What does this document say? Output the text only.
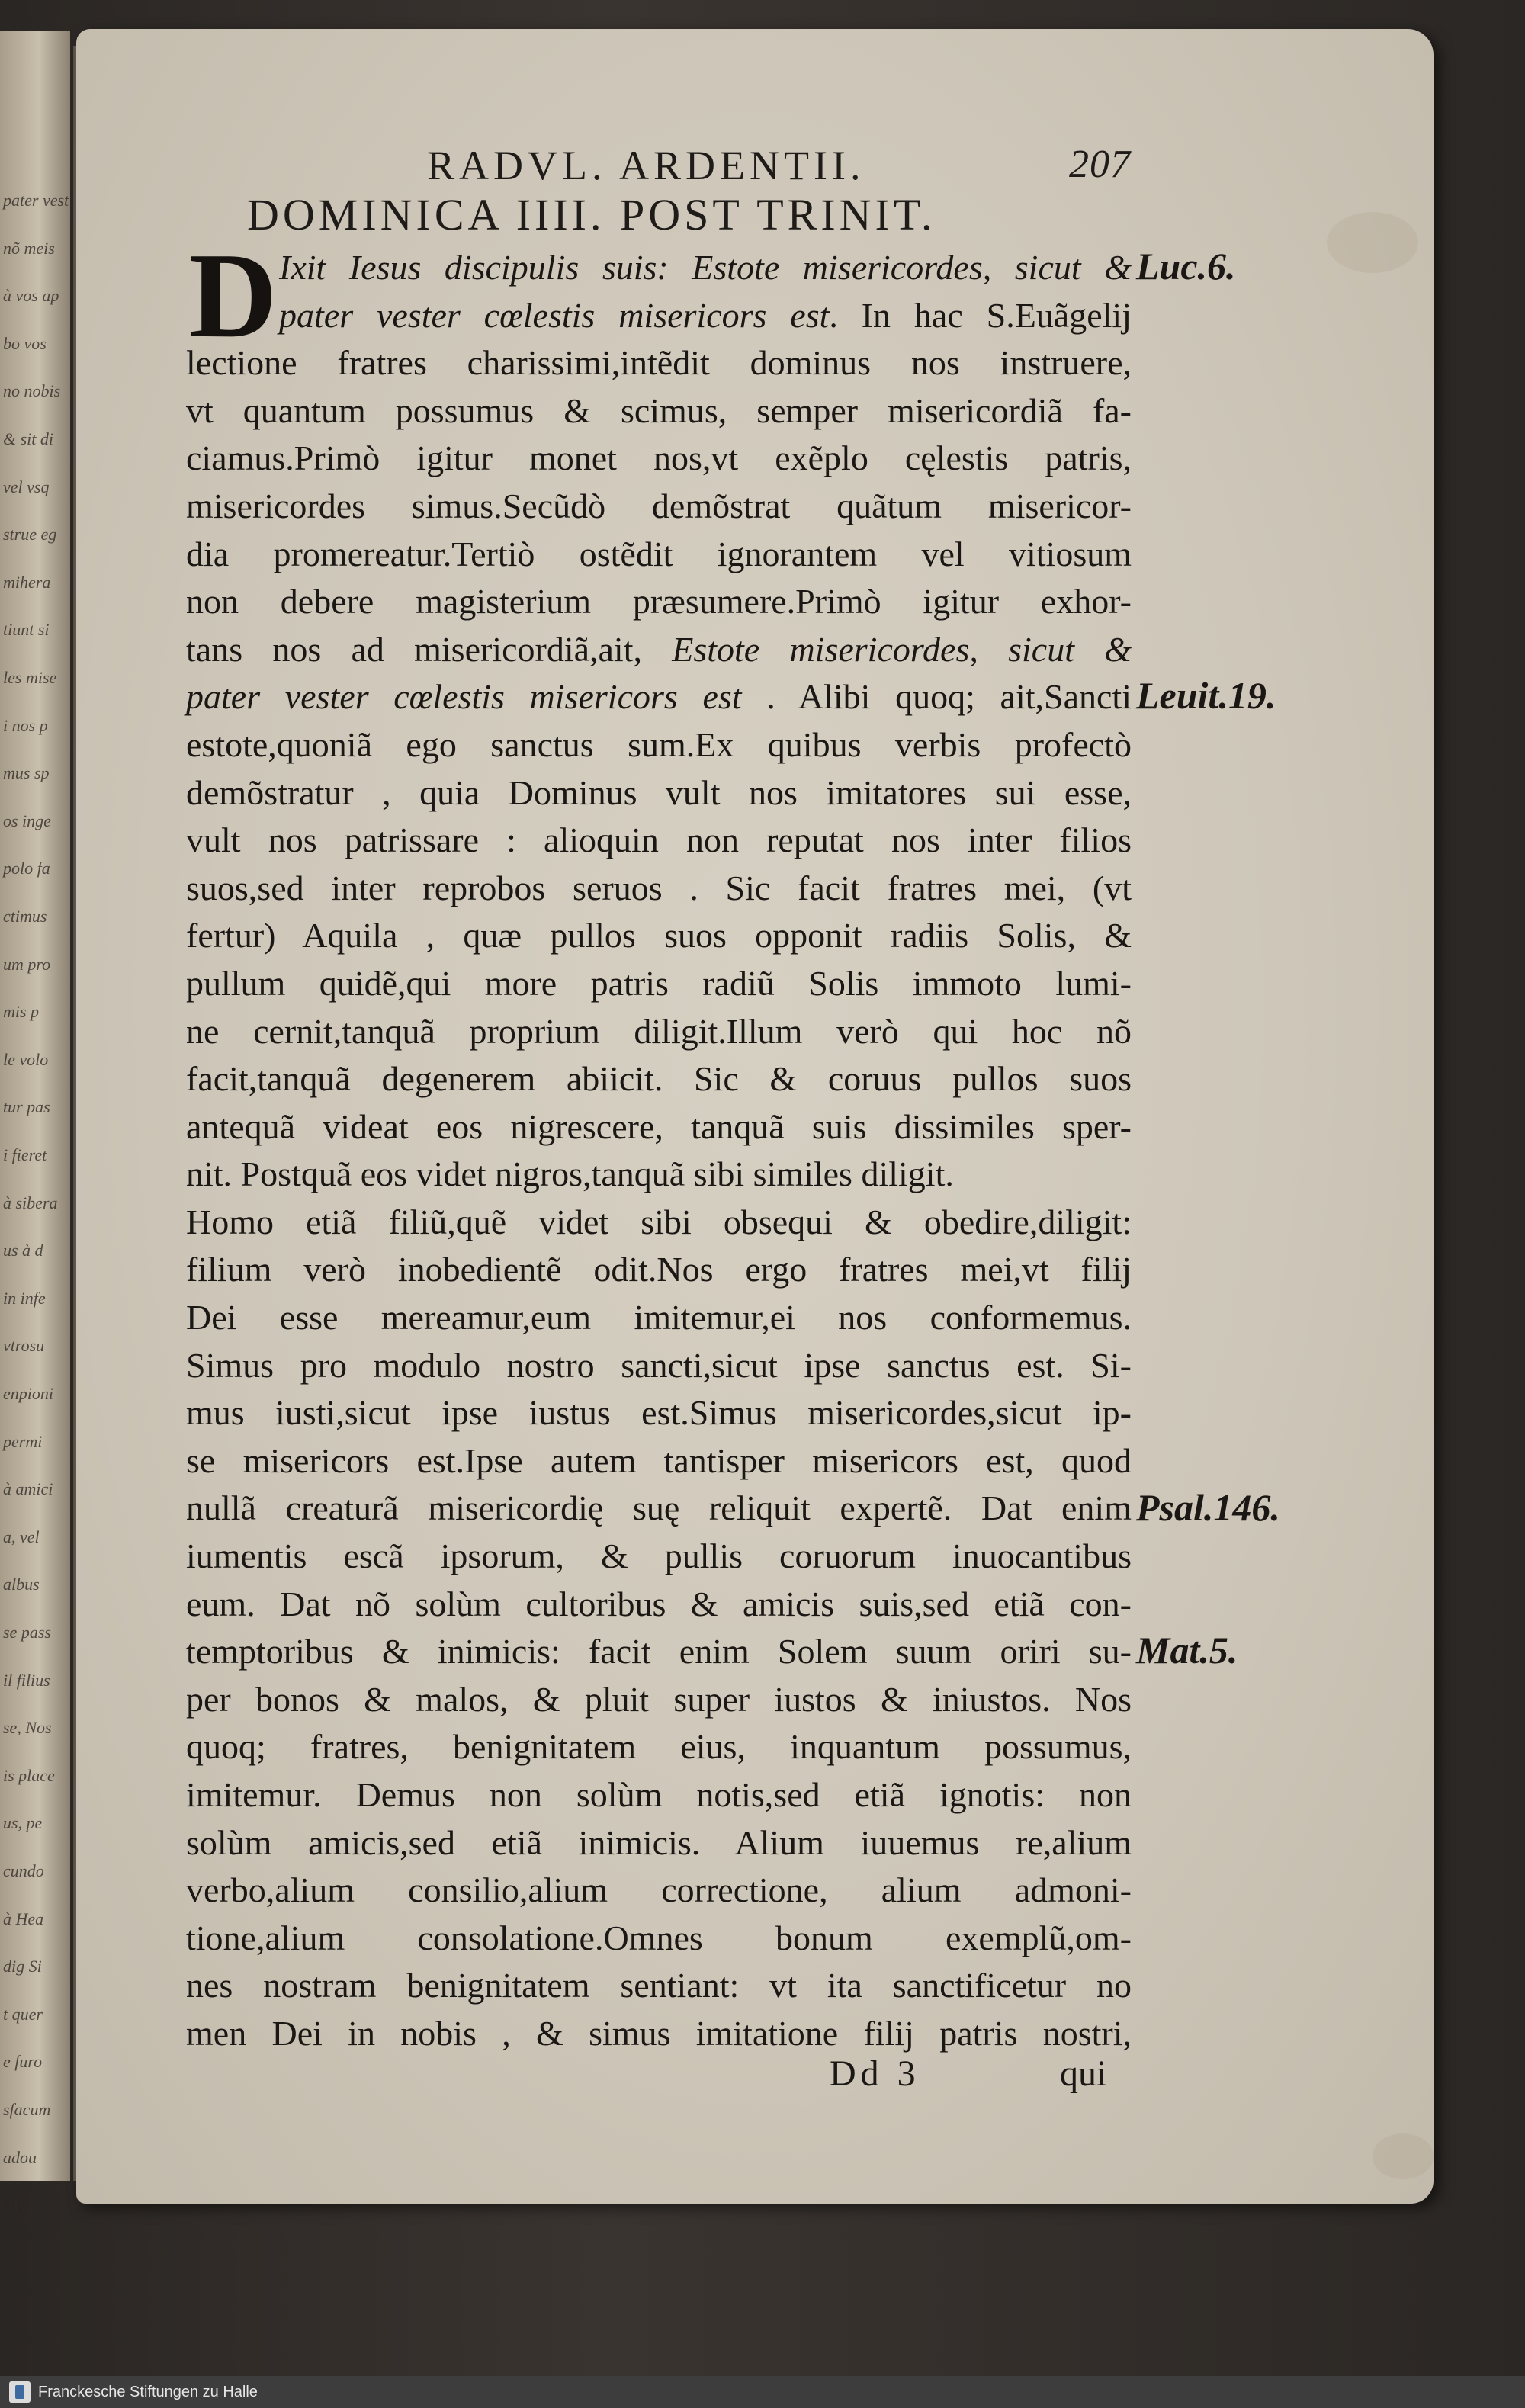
pater vest
nõ meis
à vos ap
bo vos
no nobis
& sit di
vel vsq
strue eg
mihera
tiunt si
les mise
i nos p
mus sp
os inge
polo fa
ctimus
um pro
mis p
le volo
tur pas
i fieret
à sibera
us à d
in infe
vtrosu
enpioni
permi
à amici
a, vel
albus
se pass
il filius
se, Nos
is place
us, pe
cundo
à Hea
dig Si
t quer
e furo
sfacum
adou
DV
RADVL. ARDENTII.	207
DOMINICA IIII. POST TRINIT.
D Ixit Iesus discipulis suis: Estote misericordes, sicut &
pater vester cœlestis misericors est. In hac S.Euãgelij
lectione fratres charissimi,intẽdit dominus nos instruere,
vt quantum possumus & scimus, semper misericordiã fa-
ciamus.Primò igitur monet nos,vt exẽplo cęlestis patris,
misericordes simus.Secũdò demõstrat quãtum misericor-
dia promereatur.Tertiò ostẽdit ignorantem vel vitiosum
non debere magisterium præsumere.Primò igitur exhor-
tans nos ad misericordiã,ait, Estote misericordes, sicut &
pater vester cœlestis misericors est . Alibi quoq; ait,Sancti
estote,quoniã ego sanctus sum.Ex quibus verbis profectò
demõstratur , quia Dominus vult nos imitatores sui esse,
vult nos patrissare : alioquin non reputat nos inter filios
suos,sed inter reprobos seruos . Sic facit fratres mei, (vt
fertur) Aquila , quæ pullos suos opponit radiis Solis, &
pullum quidẽ,qui more patris radiũ Solis immoto lumi-
ne cernit,tanquã proprium diligit.Illum verò qui hoc nõ
facit,tanquã degenerem abiicit. Sic & coruus pullos suos
antequã videat eos nigrescere, tanquã suis dissimiles sper-
nit. Postquã eos videt nigros,tanquã sibi similes diligit.
Homo etiã filiũ,quẽ videt sibi obsequi & obedire,diligit:
filium verò inobedientẽ odit.Nos ergo fratres mei,vt filij
Dei esse mereamur,eum imitemur,ei nos conformemus.
Simus pro modulo nostro sancti,sicut ipse sanctus est. Si-
mus iusti,sicut ipse iustus est.Simus misericordes,sicut ip-
se misericors est.Ipse autem tantisper misericors est, quod
nullã creaturã misericordię suę reliquit expertẽ. Dat enim
iumentis escã ipsorum, & pullis coruorum inuocantibus
eum. Dat nõ solùm cultoribus & amicis suis,sed etiã con-
temptoribus & inimicis: facit enim Solem suum oriri su-
per bonos & malos, & pluit super iustos & iniustos. Nos
quoq; fratres, benignitatem eius, inquantum possumus,
imitemur. Demus non solùm notis,sed etiã ignotis: non
solùm amicis,sed etiã inimicis. Alium iuuemus re,alium
verbo,alium consilio,alium correctione, alium admoni-
tione,alium consolatione.Omnes bonum exemplũ,om-
nes nostram benignitatem sentiant: vt ita sanctificetur no
men Dei in nobis , & simus imitatione filij patris nostri,
Luc.6.
Leuit.19.
Psal.146.
Mat.5.
Dd 3	qui
Franckesche Stiftungen zu Halle
